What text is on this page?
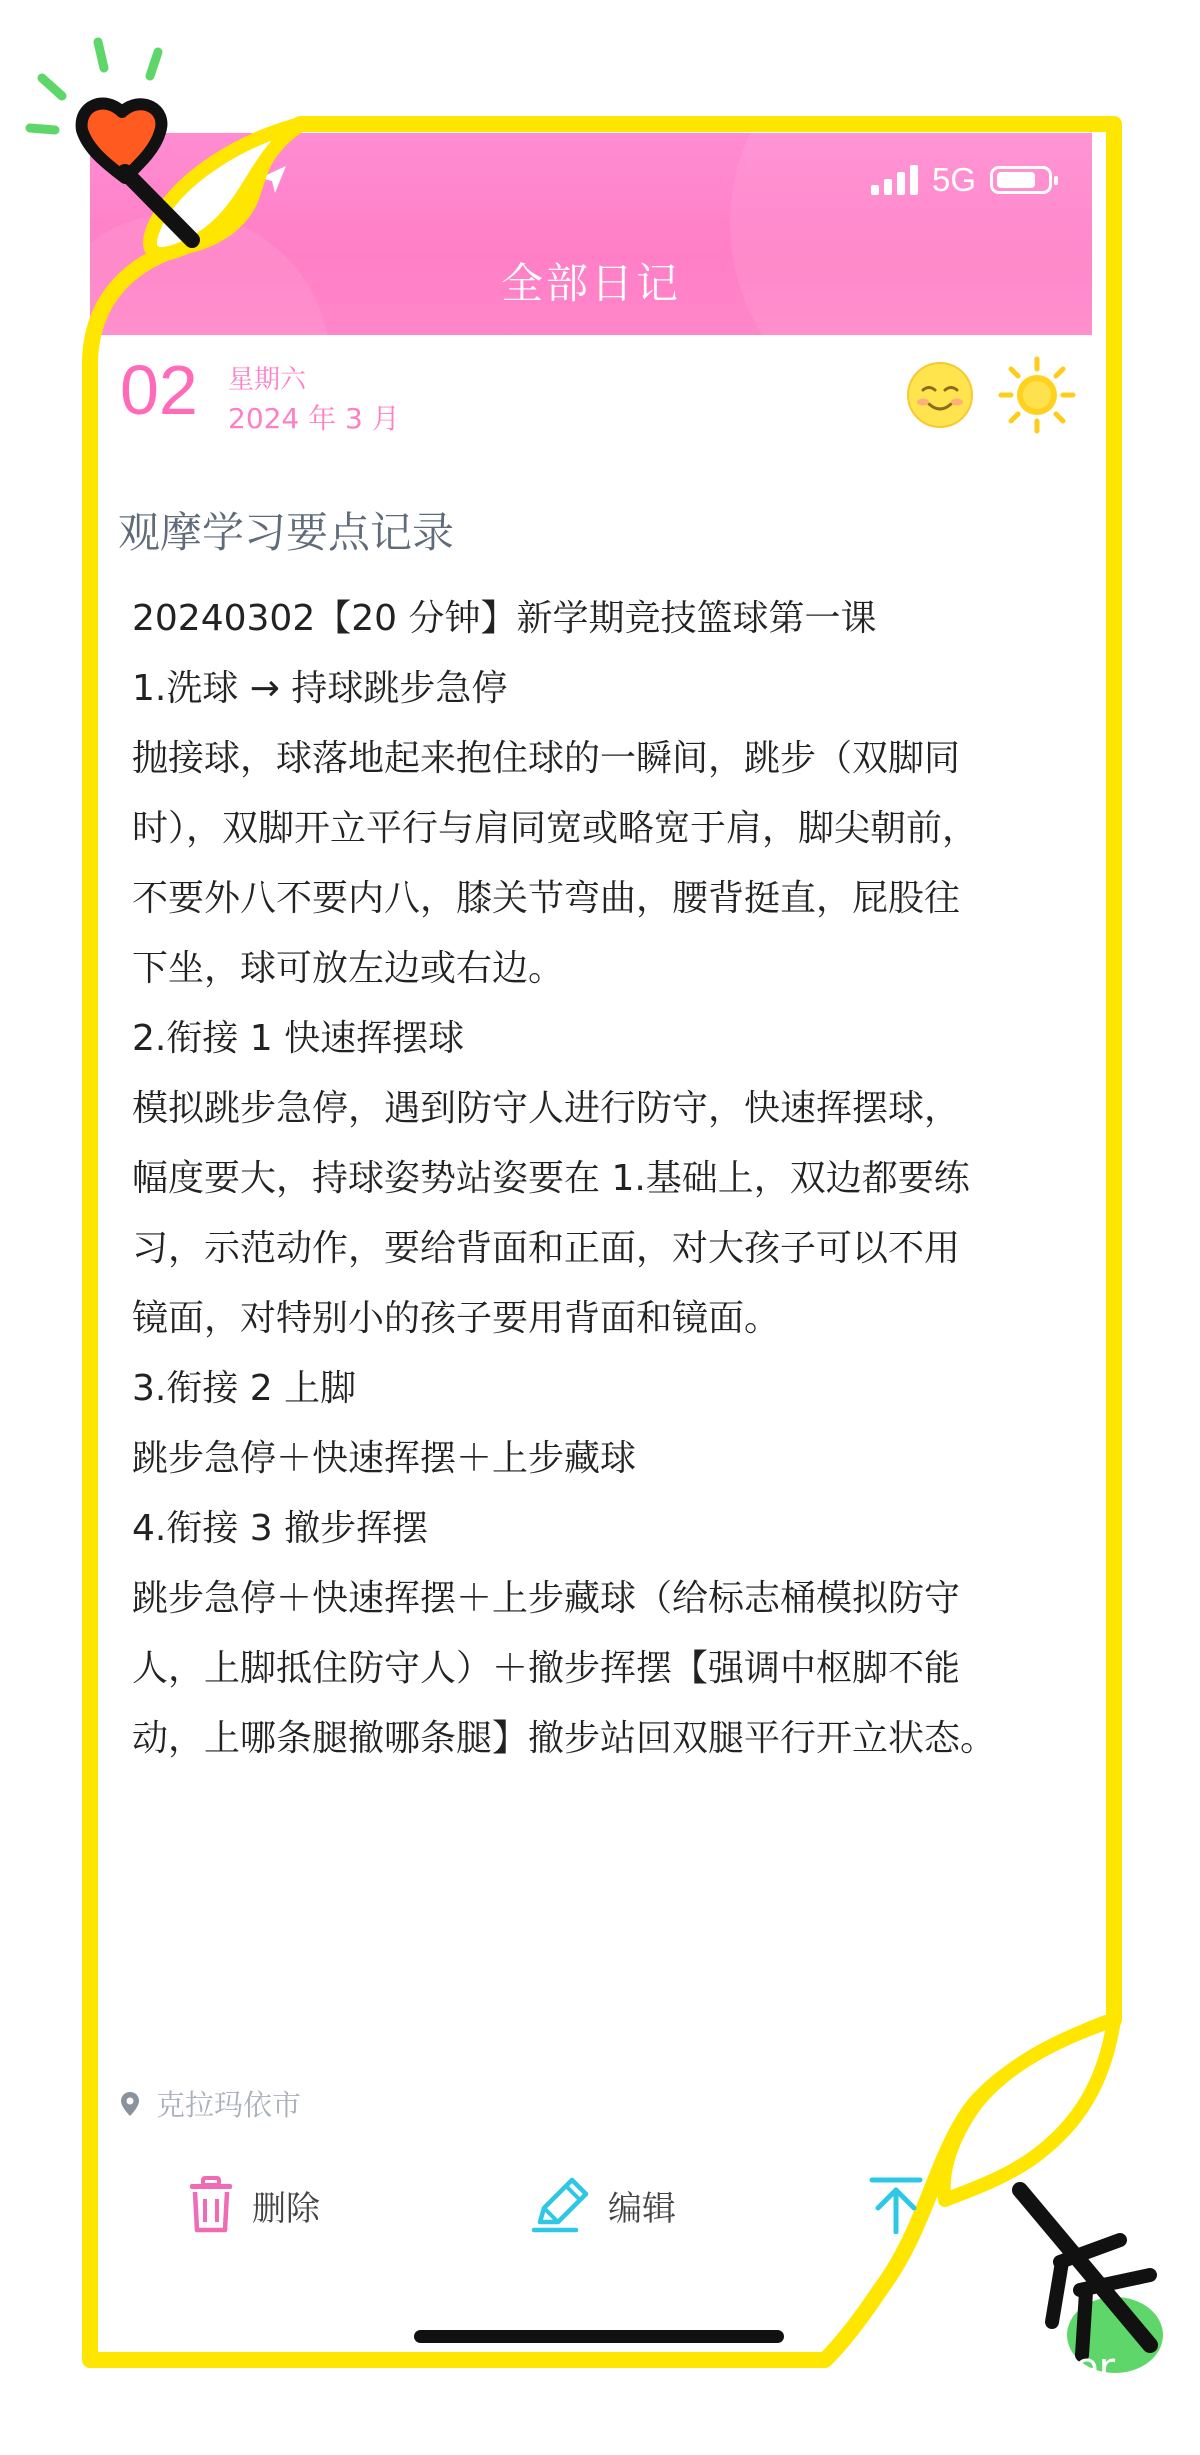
5G
全部日记
02 星期六
2024 年 3 月
观摩学习要点记录

20240302【20 分钟】新学期竞技篮球第一课

1.洗球 → 持球跳步急停

抛接球，球落地起来抱住球的一瞬间，跳步（双脚同

时），双脚开立平行与肩同宽或略宽于肩，脚尖朝前，

不要外八不要内八，膝关节弯曲，腰背挺直，屁股往

下坐，球可放左边或右边。

2.衔接 1 快速挥摆球

模拟跳步急停，遇到防守人进行防守，快速挥摆球，

幅度要大，持球姿势站姿要在 1.基础上，双边都要练

习，示范动作，要给背面和正面，对大孩子可以不用

镜面，对特别小的孩子要用背面和镜面。

3.衔接 2 上脚

跳步急停＋快速挥摆＋上步藏球

4.衔接 3 撤步挥摆

跳步急停＋快速挥摆＋上步藏球（给标志桶模拟防守

人，上脚抵住防守人）＋撤步挥摆【强调中枢脚不能

动，上哪条腿撤哪条腿】撤步站回双腿平行开立状态。

克拉玛依市
删除	编辑
er
